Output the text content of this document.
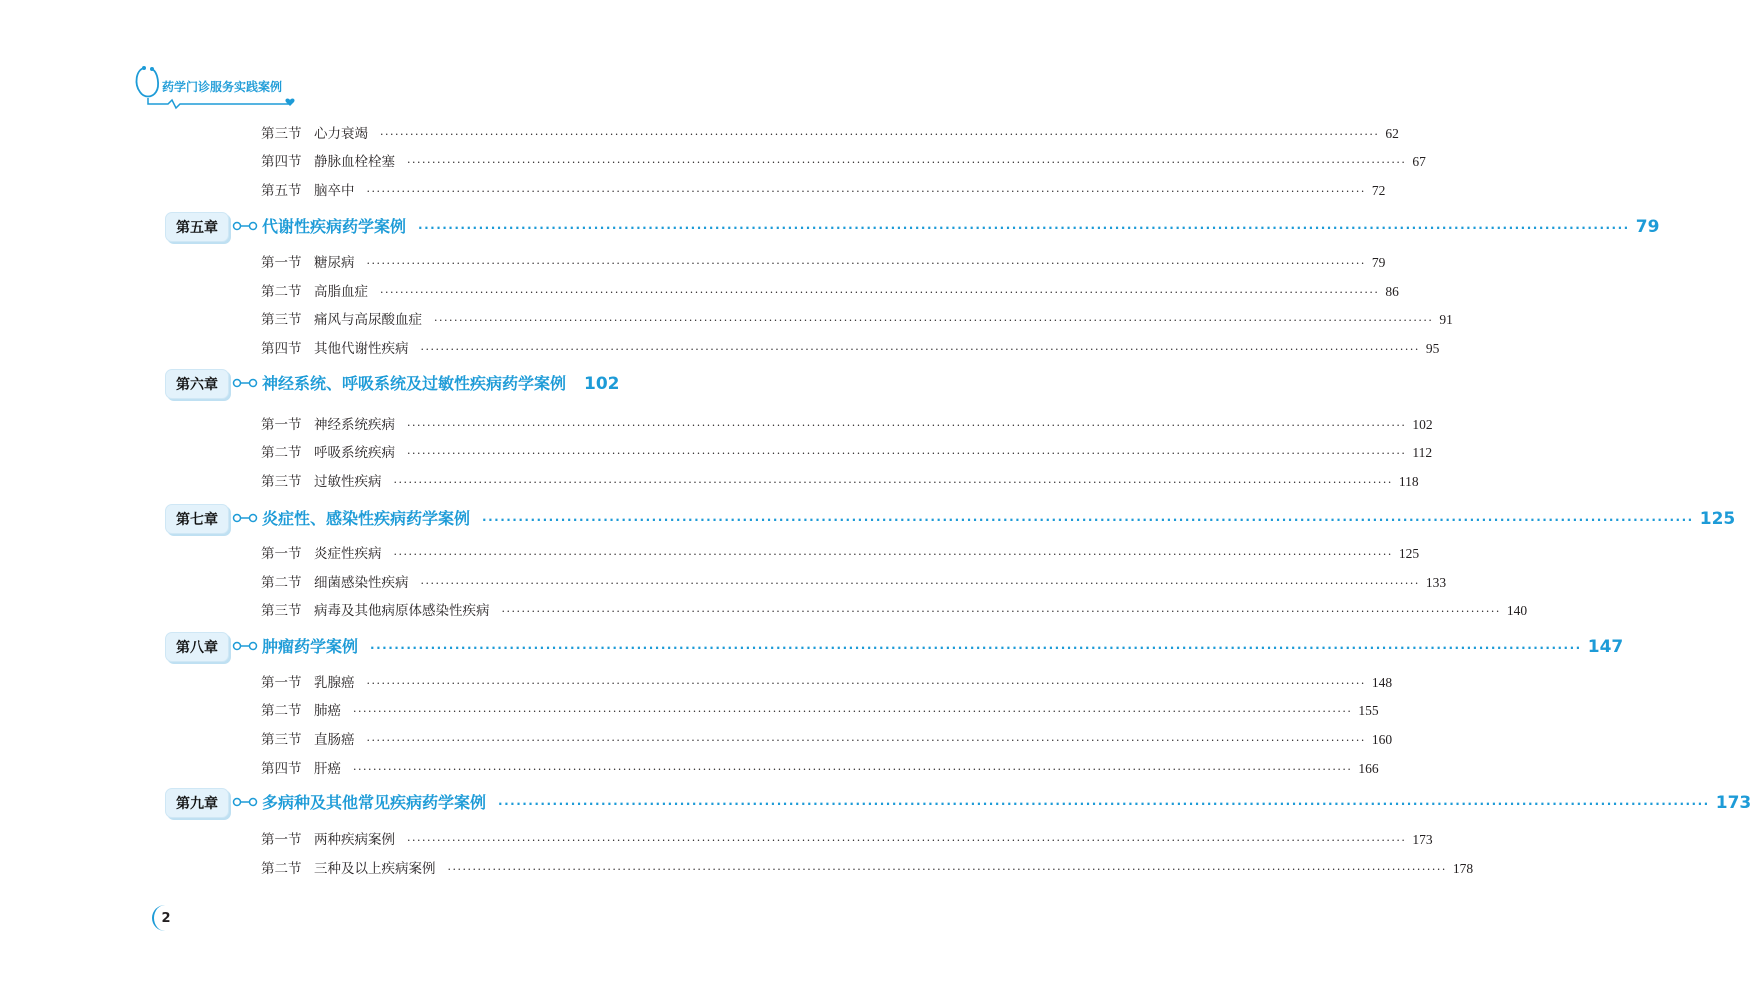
药学门诊服务实践案例
第三节 心力衰竭 ········································································································································································································ 62
第四节 静脉血栓栓塞 ········································································································································································································ 67
第五节 脑卒中 ········································································································································································································ 72
第五章	代谢性疾病药学案例 ········································································································································································································ 79
第一节 糖尿病 ········································································································································································································ 79
第二节 高脂血症 ········································································································································································································ 86
第三节 痛风与高尿酸血症 ········································································································································································································ 91
第四节 其他代谢性疾病 ········································································································································································································ 95
第六章	神经系统、呼吸系统及过敏性疾病药学案例 102
第一节 神经系统疾病 ········································································································································································································ 102
第二节 呼吸系统疾病 ········································································································································································································ 112
第三节 过敏性疾病 ········································································································································································································ 118
第七章	炎症性、感染性疾病药学案例 ········································································································································································································ 125
第一节 炎症性疾病 ········································································································································································································ 125
第二节 细菌感染性疾病 ········································································································································································································ 133
第三节 病毒及其他病原体感染性疾病 ········································································································································································································ 140
第八章	肿瘤药学案例 ········································································································································································································ 147
第一节 乳腺癌 ········································································································································································································ 148
第二节 肺癌 ········································································································································································································ 155
第三节 直肠癌 ········································································································································································································ 160
第四节 肝癌 ········································································································································································································ 166
第九章	多病种及其他常见疾病药学案例 ········································································································································································································ 173
第一节 两种疾病案例 ········································································································································································································ 173
第二节 三种及以上疾病案例 ········································································································································································································ 178
2
